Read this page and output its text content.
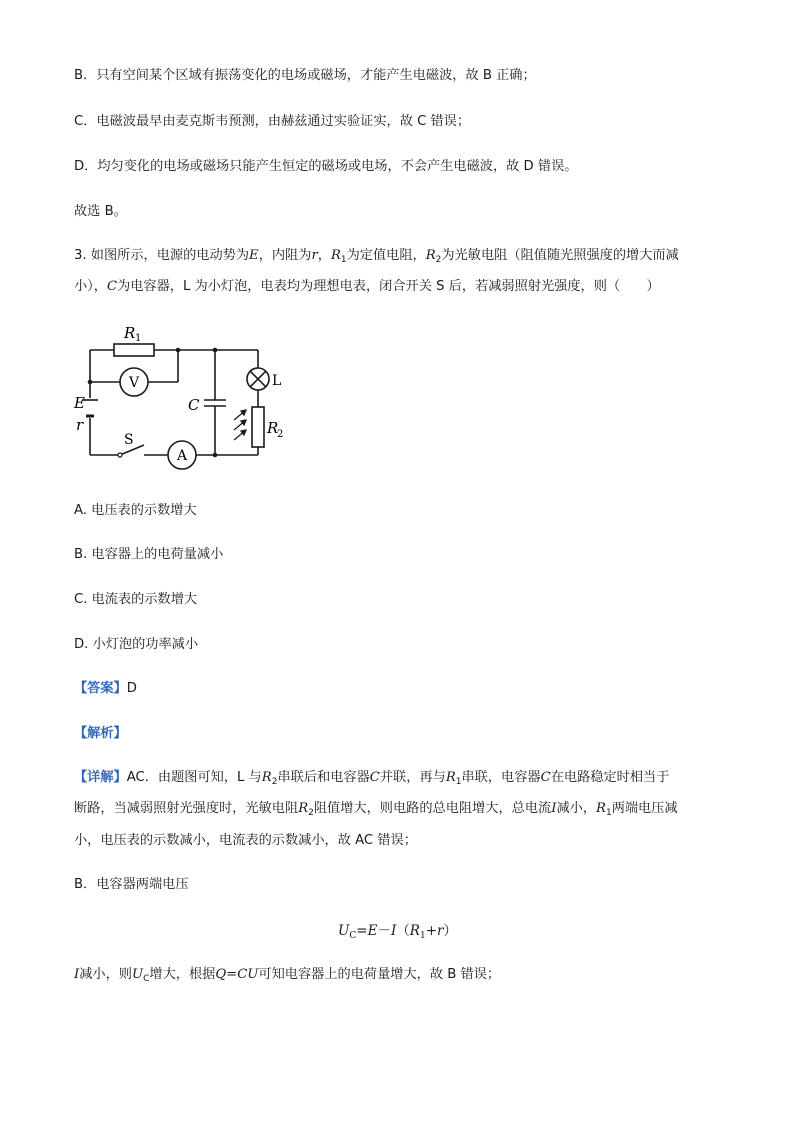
B．只有空间某个区域有振荡变化的电场或磁场，才能产生电磁波，故 B 正确；
C．电磁波最早由麦克斯韦预测，由赫兹通过实验证实，故 C 错误；
D．均匀变化的电场或磁场只能产生恒定的磁场或电场，不会产生电磁波，故 D 错误。
故选 B。
3. 如图所示，电源的电动势为E，内阻为r，$R_1$为定值电阻，$R_2$为光敏电阻（阻值随光照强度的增大而减
小），C为电容器，L 为小灯泡，电表均为理想电表，闭合开关 S 后，若减弱照射光强度，则（　　）
R 1
V
A
L
C
E
r
S
R
2
A. 电压表的示数增大
B. 电容器上的电荷量减小
C. 电流表的示数增大
D. 小灯泡的功率减小
【答案】D
【解析】
【详解】AC．由题图可知，L 与$R_2$串联后和电容器C并联，再与$R_1$串联，电容器C在电路稳定时相当于
断路，当减弱照射光强度时，光敏电阻$R_2$阻值增大，则电路的总电阻增大，总电流I减小，$R_1$两端电压减
小，电压表的示数减小，电流表的示数减小，故 AC 错误；
B．电容器两端电压
$U_C=E-I(R_1+r)$
I减小，则$U_C$增大，根据Q=CU可知电容器上的电荷量增大，故 B 错误；
